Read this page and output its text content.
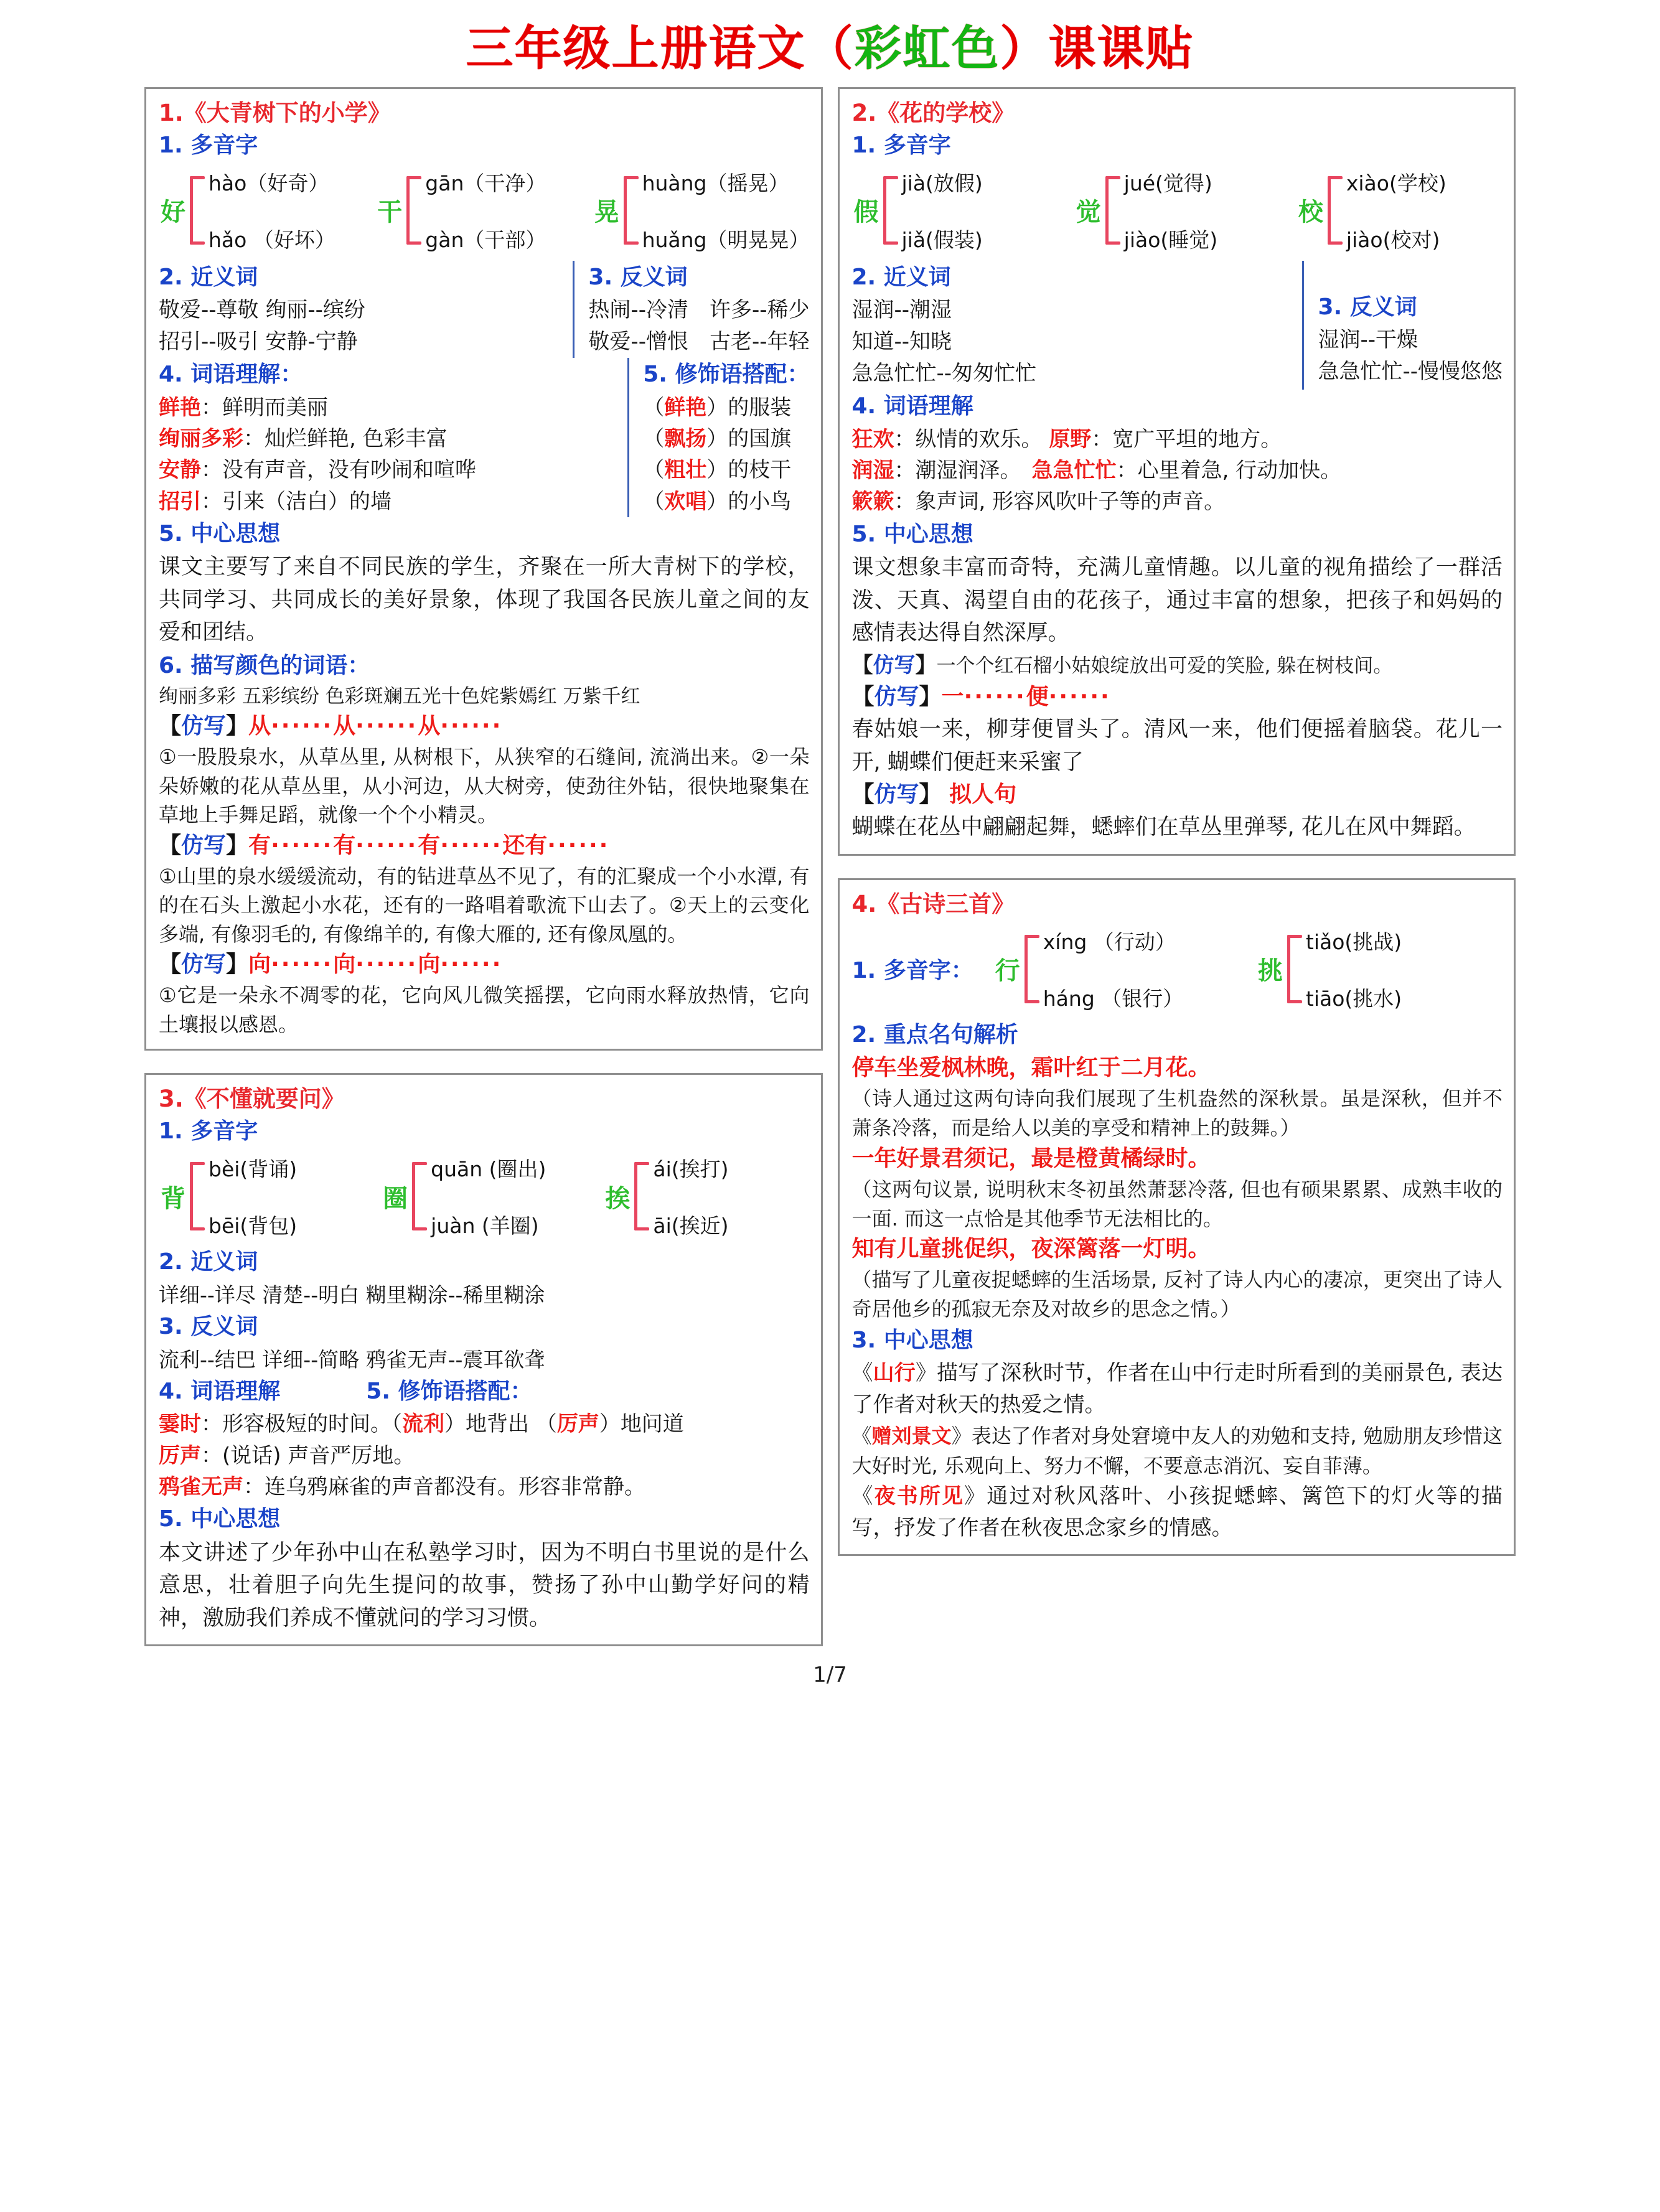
三年级上册语文（彩虹色）课课贴
1.《大青树下的小学》
1. 多音字
好
hào（好奇）
hǎo （好坏）
干
gān（干净）
gàn（干部）
晃
huàng（摇晃）
huǎng（明晃晃）
2. 近义词
敬爱--尊敬 绚丽--缤纷
招引--吸引 安静-宁静
3. 反义词
热闹--冷清　许多--稀少
敬爱--憎恨　古老--年轻
4. 词语理解：
鲜艳：鲜明而美丽
绚丽多彩：灿烂鲜艳, 色彩丰富
安静：没有声音，没有吵闹和喧哗
招引：引来（洁白）的墙
5. 修饰语搭配：
（鲜艳）的服装
（飘扬）的国旗
（粗壮）的枝干
（欢唱）的小鸟
5. 中心思想
课文主要写了来自不同民族的学生，齐聚在一所大青树下的学校，共同学习、共同成长的美好景象，体现了我国各民族儿童之间的友爱和团结。
6. 描写颜色的词语：
绚丽多彩 五彩缤纷 色彩斑斓五光十色姹紫嫣红 万紫千红
【仿写】从······从······从······
①一股股泉水，从草丛里, 从树根下，从狭窄的石缝间, 流淌出来。②一朵朵娇嫩的花从草丛里，从小河边，从大树旁，使劲往外钻，很快地聚集在草地上手舞足蹈，就像一个个小精灵。
【仿写】有······有······有······还有······
①山里的泉水缓缓流动，有的钻进草丛不见了，有的汇聚成一个小水潭, 有的在石头上激起小水花，还有的一路唱着歌流下山去了。②天上的云变化多端, 有像羽毛的, 有像绵羊的, 有像大雁的, 还有像凤凰的。
【仿写】向······向······向······
①它是一朵永不凋零的花，它向风儿微笑摇摆，它向雨水释放热情，它向土壤报以感恩。
3.《不懂就要问》
1. 多音字
背
bèi(背诵)
bēi(背包)
圈
quān (圈出)
juàn (羊圈)
挨
ái(挨打)
āi(挨近)
2. 近义词
详细--详尽 清楚--明白 糊里糊涂--稀里糊涂
3. 反义词
流利--结巴 详细--简略 鸦雀无声--震耳欲聋
4. 词语理解	5. 修饰语搭配：
霎时：形容极短的时间。（流利）地背出 （厉声）地问道
厉声：(说话) 声音严厉地。
鸦雀无声：连乌鸦麻雀的声音都没有。形容非常静。
5. 中心思想
本文讲述了少年孙中山在私塾学习时，因为不明白书里说的是什么意思，壮着胆子向先生提问的故事，赞扬了孙中山勤学好问的精神，激励我们养成不懂就问的学习习惯。
2.《花的学校》
1. 多音字
假
jià(放假)
jiǎ(假装)
觉
jué(觉得)
jiào(睡觉)
校
xiào(学校)
jiào(校对)
2. 近义词
湿润--潮湿
知道--知晓
急急忙忙--匆匆忙忙
3. 反义词
湿润--干燥
急急忙忙--慢慢悠悠
4. 词语理解
狂欢：纵情的欢乐。 原野：宽广平坦的地方。
润湿：潮湿润泽。　 急急忙忙：心里着急, 行动加快。
簌簌：象声词, 形容风吹叶子等的声音。
5. 中心思想
课文想象丰富而奇特，充满儿童情趣。以儿童的视角描绘了一群活泼、天真、渴望自由的花孩子，通过丰富的想象，把孩子和妈妈的感情表达得自然深厚。
【仿写】一个个红石榴小姑娘绽放出可爱的笑脸, 躲在树枝间。
【仿写】一······便······
春姑娘一来，柳芽便冒头了。清风一来，他们便摇着脑袋。花儿一开, 蝴蝶们便赶来采蜜了
【仿写】 拟人句
蝴蝶在花丛中翩翩起舞，蟋蟀们在草丛里弹琴, 花儿在风中舞蹈。
4.《古诗三首》
1. 多音字： 行
xíng （行动）
háng （银行）
挑
tiǎo(挑战)
tiāo(挑水)
2. 重点名句解析
停车坐爱枫林晚，霜叶红于二月花。
（诗人通过这两句诗向我们展现了生机盎然的深秋景。虽是深秋，但并不萧条冷落，而是给人以美的享受和精神上的鼓舞。）
一年好景君须记，最是橙黄橘绿时。
（这两句议景, 说明秋末冬初虽然萧瑟冷落, 但也有硕果累累、成熟丰收的一面. 而这一点恰是其他季节无法相比的。
知有儿童挑促织，夜深篱落一灯明。
（描写了儿童夜捉蟋蟀的生活场景, 反衬了诗人内心的凄凉，更突出了诗人奇居他乡的孤寂无奈及对故乡的思念之情。）
3. 中心思想
《山行》描写了深秋时节，作者在山中行走时所看到的美丽景色, 表达了作者对秋天的热爱之情。
《赠刘景文》表达了作者对身处窘境中友人的劝勉和支持, 勉励朋友珍惜这大好时光, 乐观向上、努力不懈，不要意志消沉、妄自菲薄。
《夜书所见》通过对秋风落叶、小孩捉蟋蟀、篱笆下的灯火等的描写，抒发了作者在秋夜思念家乡的情感。
1/7
